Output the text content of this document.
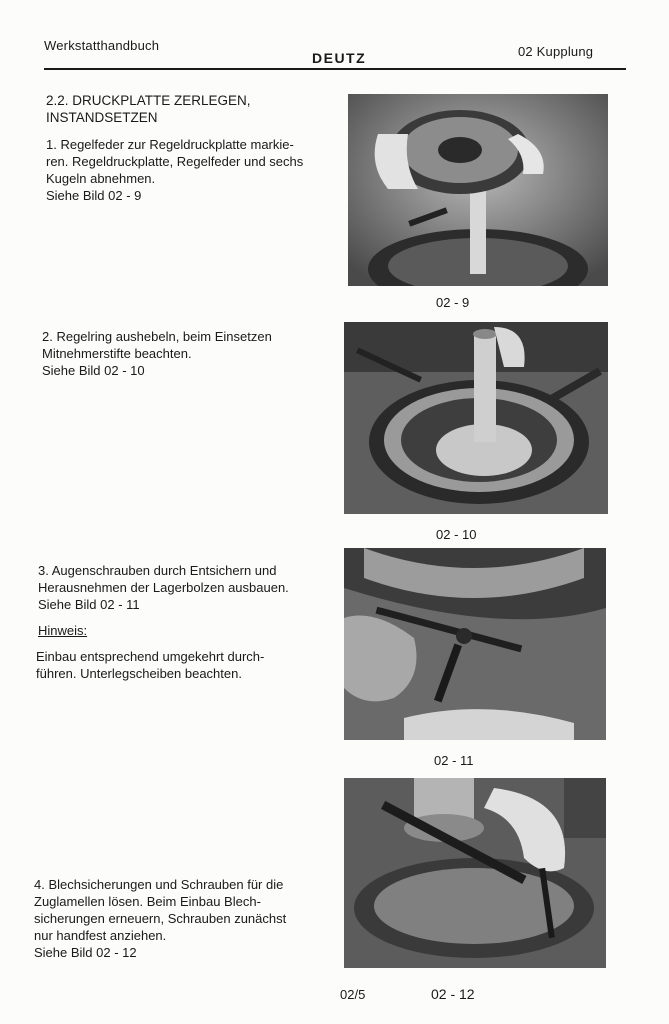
Werkstatthandbuch
DEUTZ	02 Kupplung
2.2. DRUCKPLATTE ZERLEGEN,
INSTANDSETZEN
1. Regelfeder zur Regeldruckplatte markie-
ren. Regeldruckplatte, Regelfeder und sechs
Kugeln abnehmen.
Siehe Bild 02 - 9
2. Regelring aushebeln, beim Einsetzen
Mitnehmerstifte beachten.
Siehe Bild 02 - 10
3. Augenschrauben durch Entsichern und
Herausnehmen der Lagerbolzen ausbauen.
Siehe Bild 02 - 11
Hinweis:
Einbau entsprechend umgekehrt durch-
führen. Unterlegscheiben beachten.
4. Blechsicherungen und Schrauben für die
Zuglamellen lösen. Beim Einbau Blech-
sicherungen erneuern, Schrauben zunächst
nur handfest anziehen.
Siehe Bild 02 - 12
02 - 9
02 - 10
02 - 11
02 - 12
02/5
